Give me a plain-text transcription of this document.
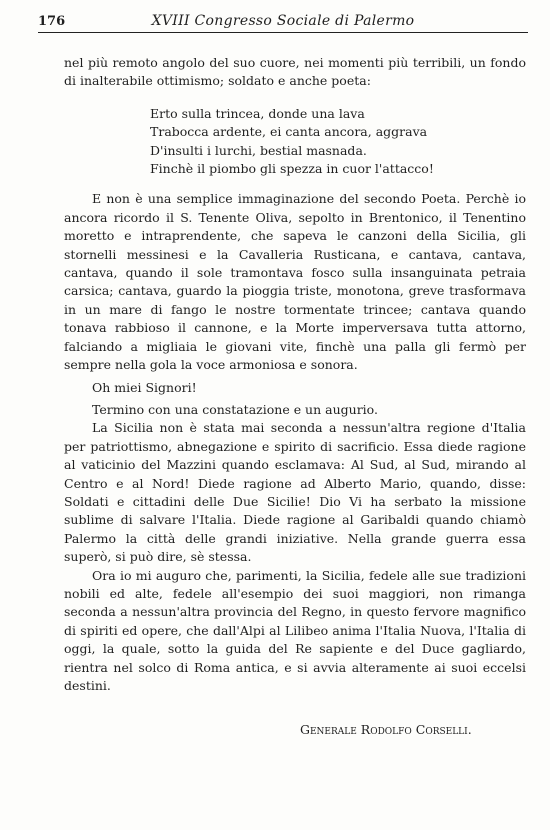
176	XVIII Congresso Sociale di Palermo

nel più remoto angolo del suo cuore, nei momenti più terribili, un fondo di inalterabile ottimismo; soldato e anche poeta:

Erto sulla trincea, donde una lava
Trabocca ardente, ei canta ancora, aggrava
D'insulti i lurchi, bestial masnada.
Finchè il piombo gli spezza in cuor l'attacco!

E non è una semplice immaginazione del secondo Poeta. Perchè io ancora ricordo il S. Tenente Oliva, sepolto in Brentonico, il Tenentino moretto e intraprendente, che sapeva le canzoni della Sicilia, gli stornelli messinesi e la Cavalleria Rusticana, e cantava, cantava, cantava, quando il sole tramontava fosco sulla insanguinata petraia carsica; cantava, guardo la pioggia triste, monotona, greve trasformava in un mare di fango le nostre tormentate trincee; cantava quando tonava rabbioso il cannone, e la Morte imperversava tutta attorno, falciando a migliaia le giovani vite, finchè una palla gli fermò per sempre nella gola la voce armoniosa e sonora.

Oh miei Signori!

Termino con una constatazione e un augurio.

La Sicilia non è stata mai seconda a nessun'altra regione d'Italia per patriottismo, abnegazione e spirito di sacrificio. Essa diede ragione al vaticinio del Mazzini quando esclamava: Al Sud, al Sud, mirando al Centro e al Nord! Diede ragione ad Alberto Mario, quando, disse: Soldati e cittadini delle Due Sicilie! Dio Vi ha serbato la missione sublime di salvare l'Italia. Diede ragione al Garibaldi quando chiamò Palermo la città delle grandi iniziative. Nella grande guerra essa superò, si può dire, sè stessa.

Ora io mi auguro che, parimenti, la Sicilia, fedele alle sue tradizioni nobili ed alte, fedele all'esempio dei suoi maggiori, non rimanga seconda a nessun'altra provincia del Regno, in questo fervore magnifico di spiriti ed opere, che dall'Alpi al Lilibeo anima l'Italia Nuova, l'Italia di oggi, la quale, sotto la guida del Re sapiente e del Duce gagliardo, rientra nel solco di Roma antica, e si avvia alteramente ai suoi eccelsi destini.

Generale Rodolfo Corselli.
